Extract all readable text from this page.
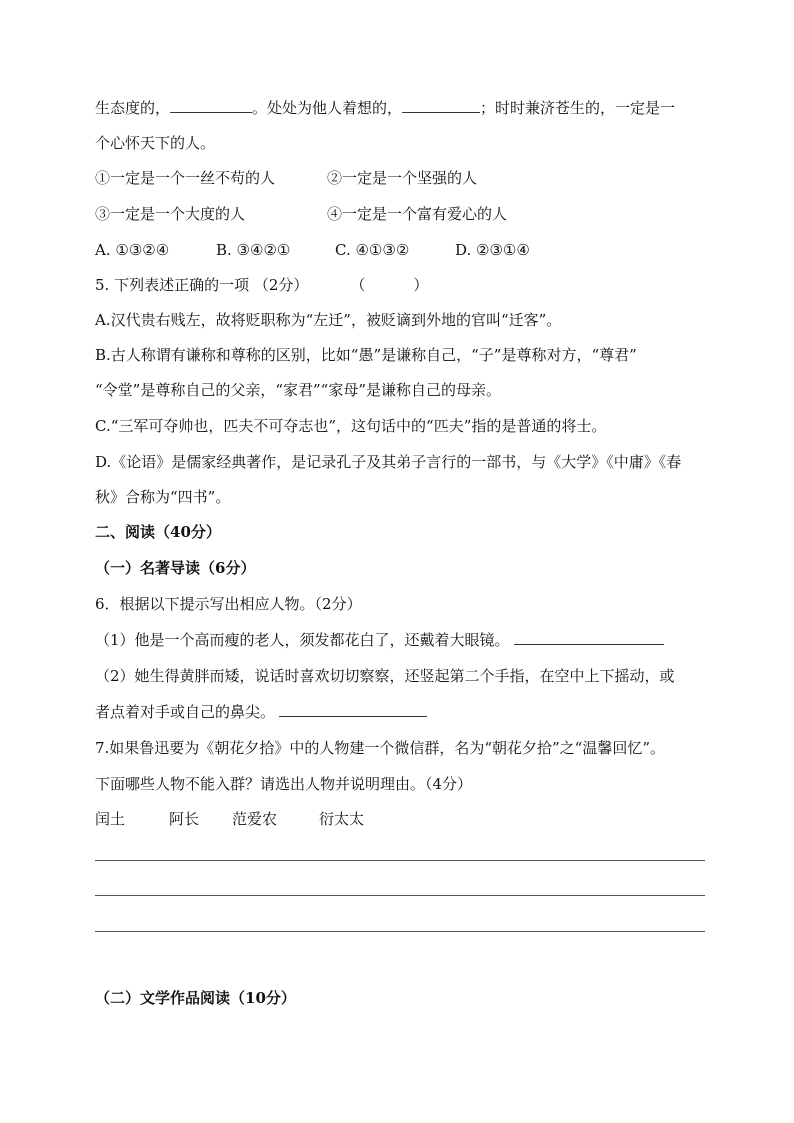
生态度的，	。处处为他人着想的，	；时时兼济苍生的，一定是一
个心怀天下的人。
①一定是一个一丝不苟的人	②一定是一个坚强的人
③一定是一个大度的人	④一定是一个富有爱心的人
A. ①③②④	B. ③④②①	C. ④①③②	D. ②③①④
5. 下列表述正确的一项 （2分）	（	）
A.汉代贵右贱左，故将贬职称为“左迁”，被贬谪到外地的官叫“迁客”。
B.古人称谓有谦称和尊称的区别，比如“愚”是谦称自己，“子”是尊称对方，“尊君”
“令堂”是尊称自己的父亲，“家君”“家母”是谦称自己的母亲。
C.“三军可夺帅也，匹夫不可夺志也”，这句话中的“匹夫”指的是普通的将士。
D.《论语》是儒家经典著作，是记录孔子及其弟子言行的一部书，与《大学》《中庸》《春
秋》合称为“四书”。
二、阅读（40分）
（一）名著导读（6分）
6．根据以下提示写出相应人物。（2分）
（1）他是一个高而瘦的老人，须发都花白了，还戴着大眼镜。
（2）她生得黄胖而矮，说话时喜欢切切察察，还竖起第二个手指，在空中上下摇动，或
者点着对手或自己的鼻尖。
7.如果鲁迅要为《朝花夕拾》中的人物建一个微信群，名为“朝花夕拾”之“温馨回忆”。
下面哪些人物不能入群？请选出人物并说明理由。（4分）
闰土	阿长 范爱农	衍太太
（二）文学作品阅读（10分）
